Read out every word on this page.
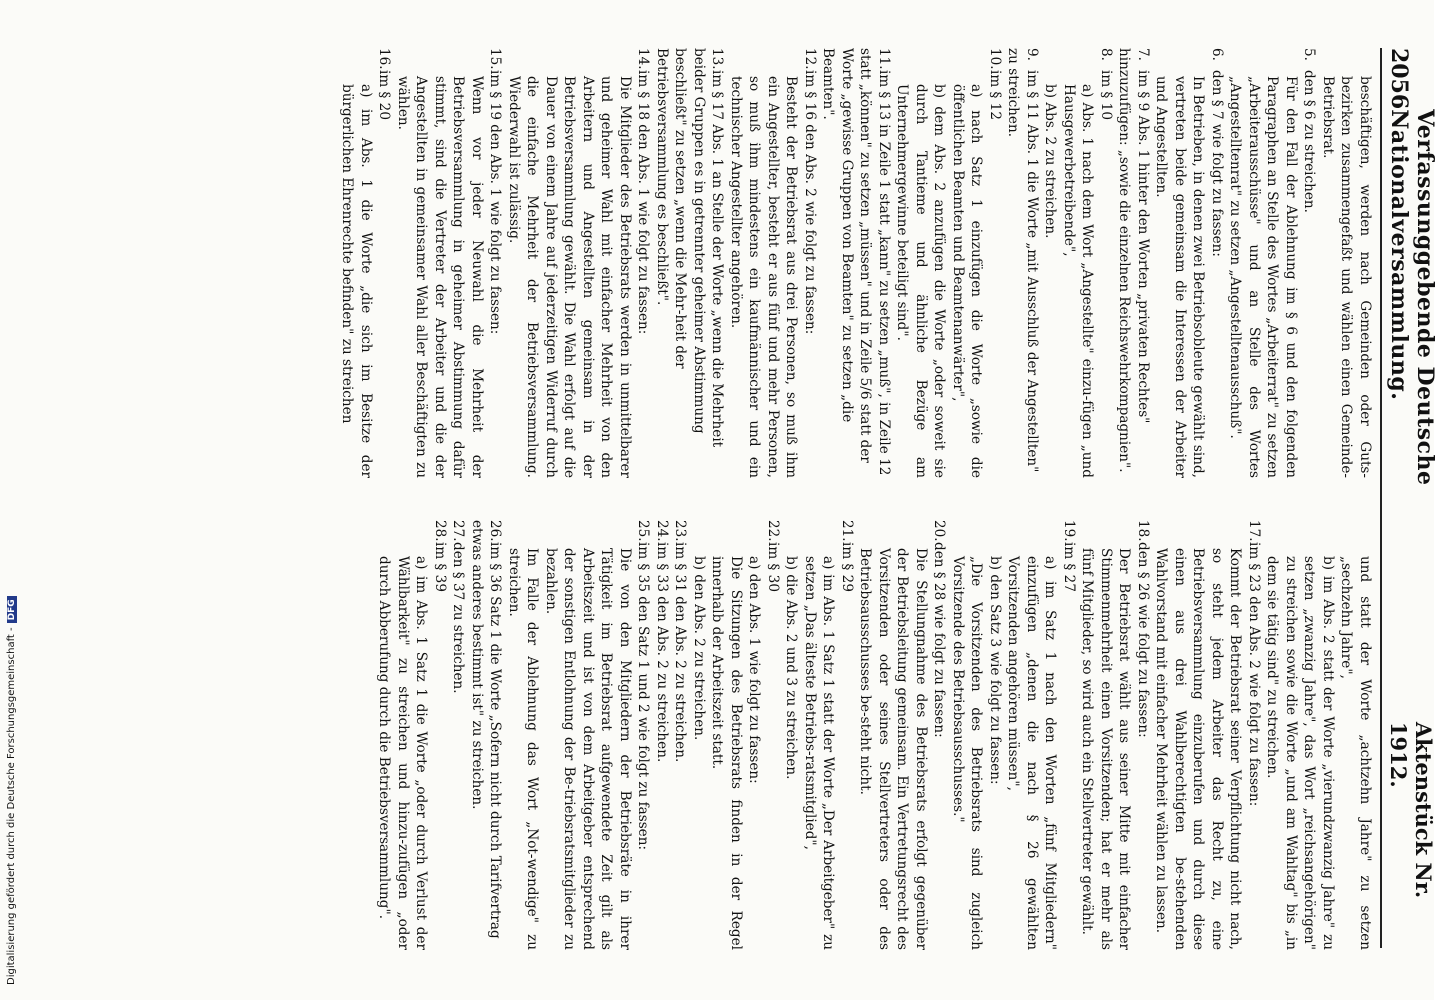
2056
Verfassunggebende Deutsche Nationalversammlung.
Aktenstück Nr. 1912.

beschäftigen, werden nach Gemeinden oder Guts-bezirken zusammengefaßt und wählen einen Gemeinde-Betriebsrat.

5.den § 6 zu streichen.

Für den Fall der Ablehnung im § 6 und den folgenden Paragraphen an Stelle des Wortes „Arbeiterrat" zu setzen „Arbeiterausschüsse" und an Stelle des Wortes „Angestelltenrat" zu setzen „Angestelltenausschuß".

6.den § 7 wie folgt zu fassen:

In Betrieben, in denen zwei Betriebsobleute gewählt sind, vertreten beide gemeinsam die Interessen der Arbeiter und Angestellten.

7.im § 9 Abs. 1 hinter den Worten „privaten Rechtes" hinzuzufügen: „sowie die einzelnen Reichswehrkompagnien".

8.im § 10

a) Abs. 1 nach dem Wort „Angestellte" einzu-fügen „und Hausgewerbetreibende",

b) Abs. 2 zu streichen.

9.im § 11 Abs. 1 die Worte „mit Ausschluß der Angestellten" zu streichen.

10.im § 12

a) nach Satz 1 einzufügen die Worte „sowie die öffentlichen Beamten und Beamtenanwärter",

b) dem Abs. 2 anzufügen die Worte „oder soweit sie durch Tantieme und ähnliche Bezüge am Unternehmergewinne beteiligt sind".

11.im § 13 in Zeile 1 statt „kann" zu setzen „muß", in Zeile 12 statt „können" zu setzen „müssen" und in Zeile 5/6 statt der Worte „gewisse Gruppen von Beamten" zu setzen „die Beamten".

12.im § 16 den Abs. 2 wie folgt zu fassen:

Besteht der Betriebsrat aus drei Personen, so muß ihm ein Angestellter, besteht er aus fünf und mehr Personen, so muß ihm mindestens ein kaufmännischer und ein technischer Angestellter angehören.

13.im § 17 Abs. 1 an Stelle der Worte „wenn die Mehrheit beider Gruppen es in getrennter geheimer Abstimmung beschließt" zu setzen „wenn die Mehr-heit der Betriebsversammlung es beschließt".

14.im § 18 den Abs. 1 wie folgt zu fassen:

Die Mitglieder des Betriebsrats werden in unmittelbarer und geheimer Wahl mit einfacher Mehrheit von den Arbeitern und Angestellten gemeinsam in der Betriebsversammlung gewählt. Die Wahl erfolgt auf die Dauer von einem Jahre auf jederzeitigen Widerruf durch die einfache Mehrheit der Betriebsversammlung. Wiederwahl ist zulässig.

15.im § 19 den Abs. 1 wie folgt zu fassen:

Wenn vor jeder Neuwahl die Mehrheit der Betriebsversammlung in geheimer Abstimmung dafür stimmt, sind die Vertreter der Arbeiter und die der Angestellten in gemeinsamer Wahl aller Beschäftigten zu wählen.

16.im § 20

a) im Abs. 1 die Worte „die sich im Besitze der bürgerlichen Ehrenrechte befinden" zu streichen

und statt der Worte „achtzehn Jahre" zu setzen „sechzehn Jahre",

b) im Abs. 2 statt der Worte „vierundzwanzig Jahre" zu setzen „zwanzig Jahre", das Wort „reichsangehörigen" zu streichen sowie die Worte „und am Wahltag" bis „in dem sie tätig sind" zu streichen.

17.im § 23 den Abs. 2 wie folgt zu fassen:

Kommt der Betriebsrat seiner Verpflichtung nicht nach, so steht jedem Arbeiter das Recht zu, eine Betriebsversammlung einzuberufen und durch diese einen aus drei Wahlberechtigten be-stehenden Wahlvorstand mit einfacher Mehrheit wählen zu lassen.

18.den § 26 wie folgt zu fassen:

Der Betriebsrat wählt aus seiner Mitte mit einfacher Stimmenmehrheit einen Vorsitzenden; hat er mehr als fünf Mitglieder, so wird auch ein Stellvertreter gewählt.

19.im § 27

a) im Satz 1 nach den Worten „fünf Mitgliedern" einzufügen „denen die nach § 26 gewählten Vorsitzenden angehören müssen",

b) den Satz 3 wie folgt zu fassen:

„Die Vorsitzenden des Betriebsrats sind zugleich Vorsitzende des Betriebsausschusses."

20.den § 28 wie folgt zu fassen:

Die Stellungnahme des Betriebsrats erfolgt gegenüber der Betriebsleitung gemeinsam. Ein Vertretungsrecht des Vorsitzenden oder seines Stellvertreters oder des Betriebsausschusses be-steht nicht.

21.im § 29

a) im Abs. 1 Satz 1 statt der Worte „Der Arbeitgeber" zu setzen „Das älteste Betriebs-ratsmitglied",

b) die Abs. 2 und 3 zu streichen.

22.im § 30

a) den Abs. 1 wie folgt zu fassen:

Die Sitzungen des Betriebsrats finden in der Regel innerhalb der Arbeitszeit statt.

b) den Abs. 2 zu streichen.

23.im § 31 den Abs. 2 zu streichen.

24.im § 33 den Abs. 2 zu streichen.

25.im § 35 den Satz 1 und 2 wie folgt zu fassen:

Die von den Mitgliedern der Betriebsräte in ihrer Tätigkeit im Betriebsrat aufgewendete Zeit gilt als Arbeitszeit und ist von dem Arbeitgeber entsprechend der sonstigen Entlohnung der Be-triebsratsmitglieder zu bezahlen.

Im Falle der Ablehnung das Wort „Not-wendige" zu streichen.

26.im § 36 Satz 1 die Worte „Sofern nicht durch Tarifvertrag etwas anderes bestimmt ist" zu streichen.

27.den § 37 zu streichen.

28.im § 39

a) im Abs. 1 Satz 1 die Worte „oder durch Verlust der Wählbarkeit" zu streichen und hinzu-zufügen „oder durch Abberufung durch die Betriebsversammlung".

Digitalisierung gefördert durch die Deutsche Forschungsgemeinschaft -DFG
